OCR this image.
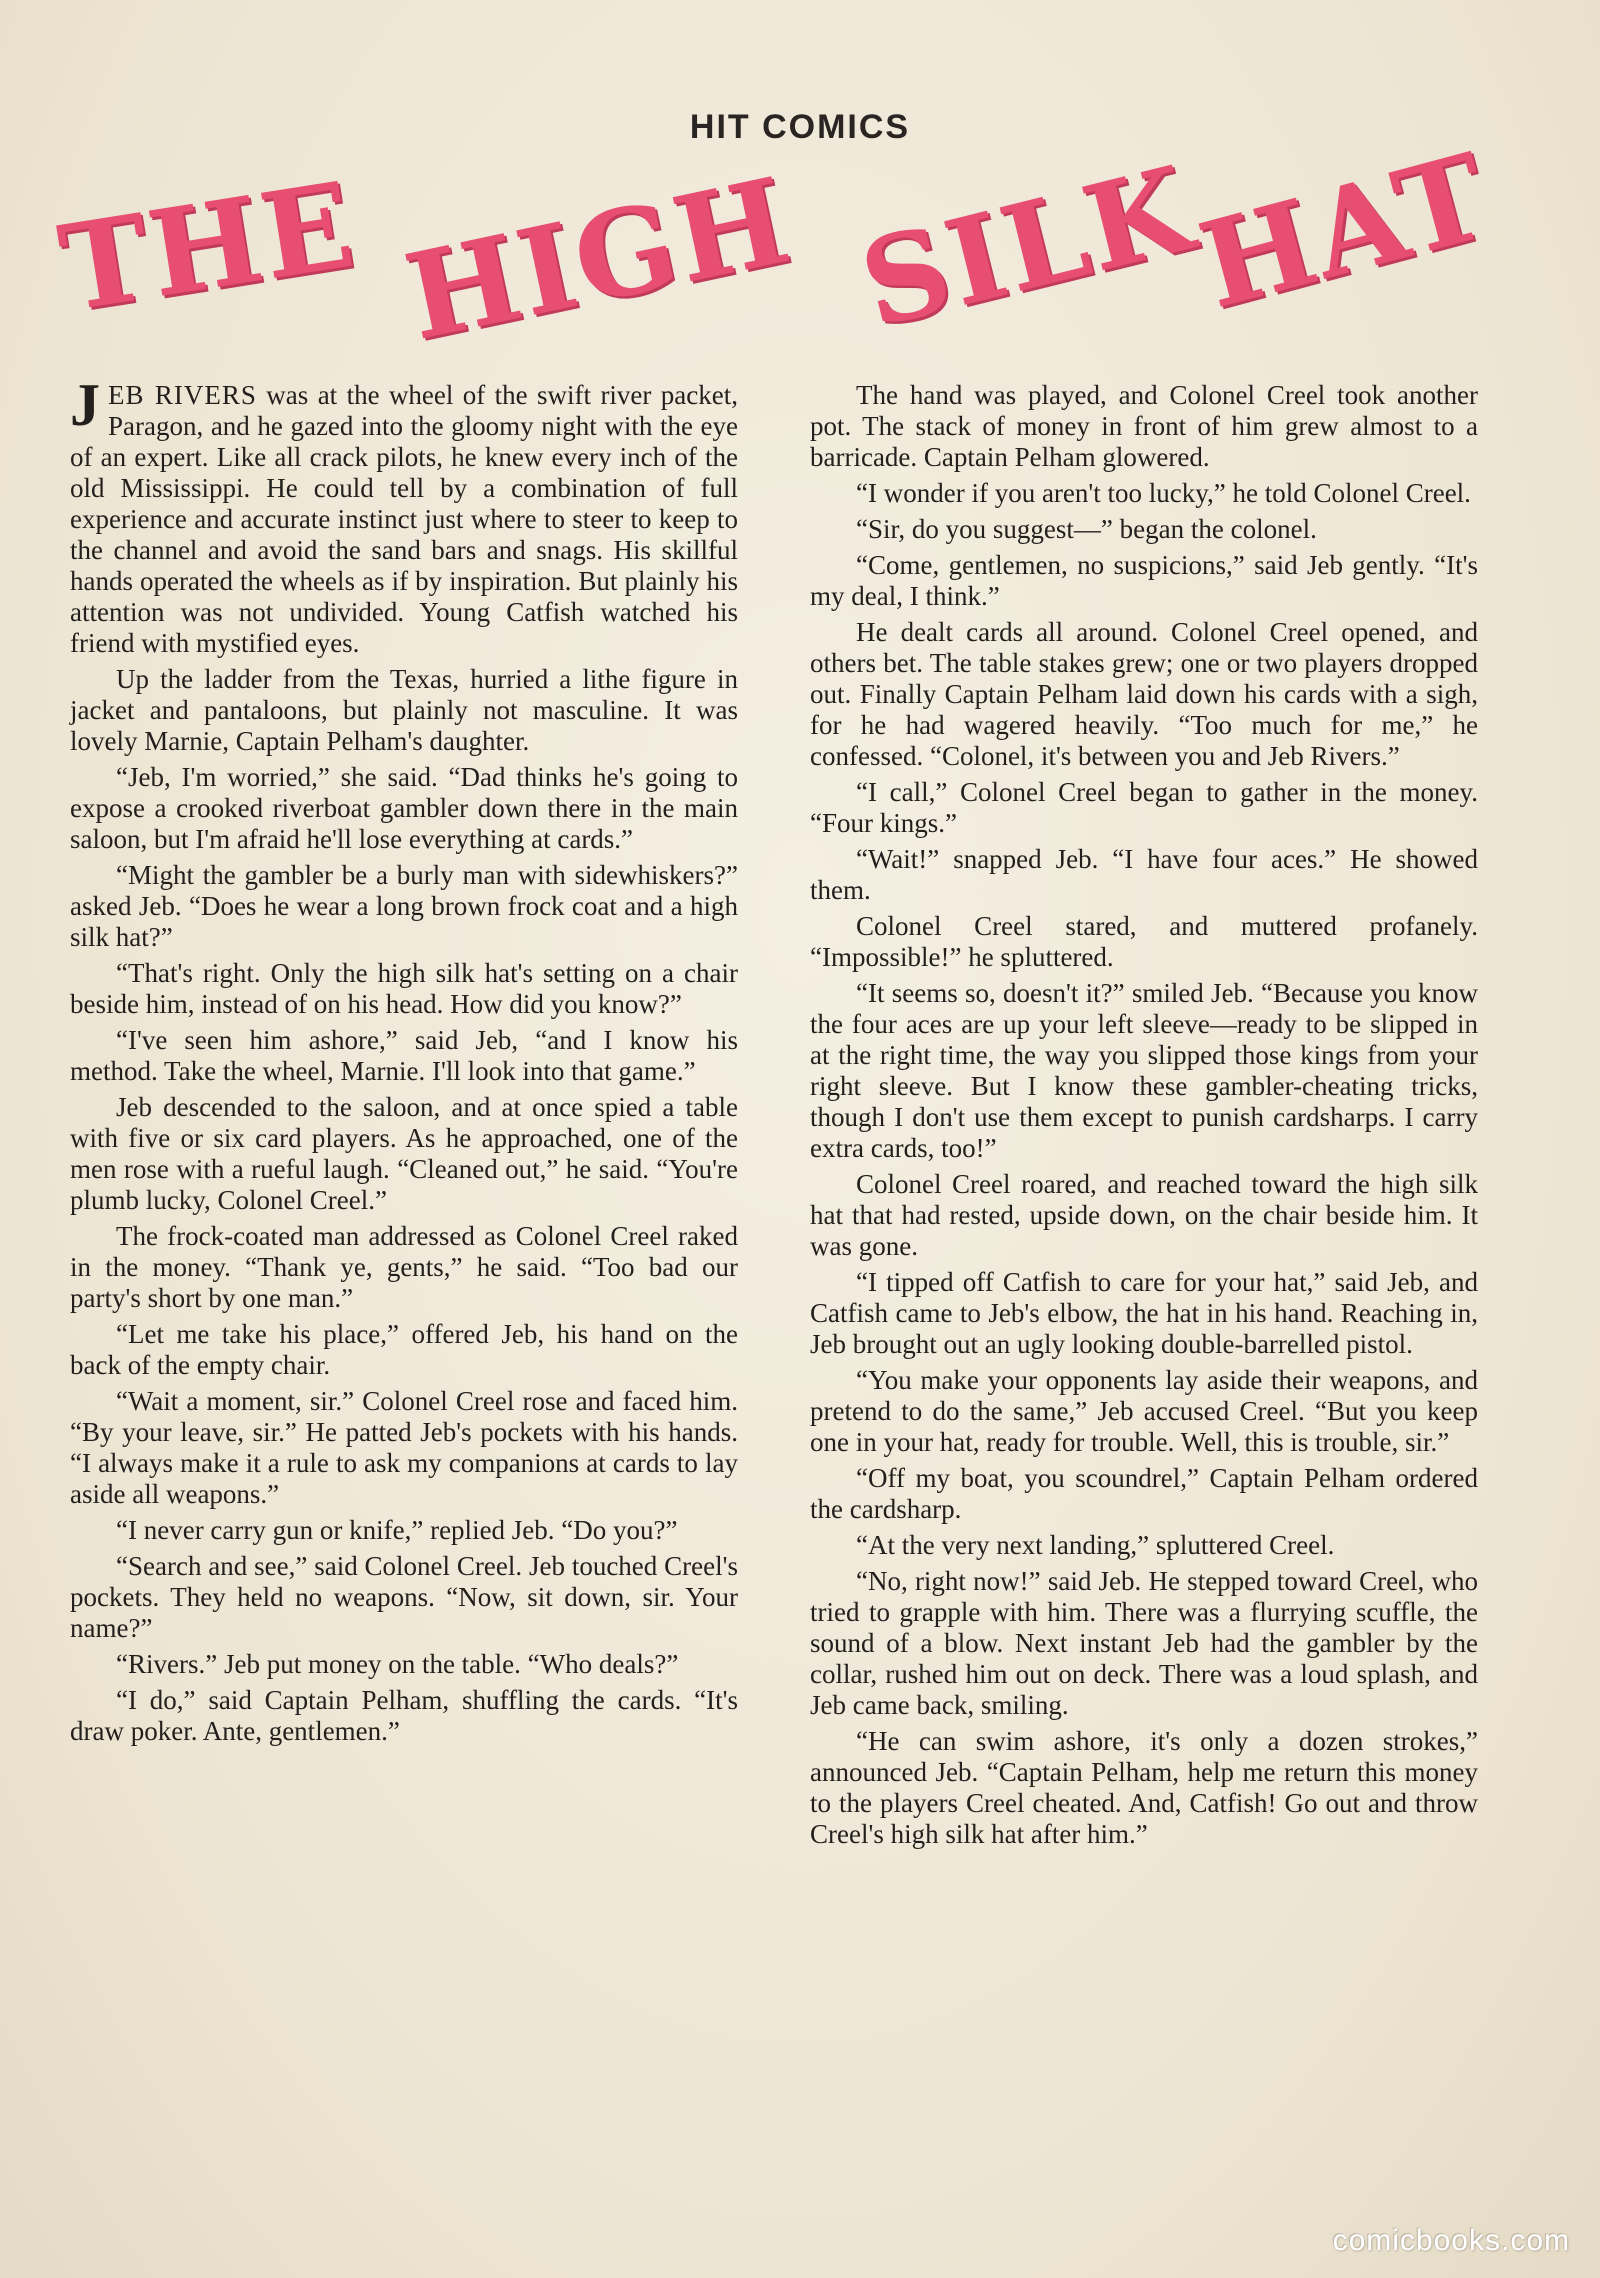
HIT COMICS
THE HIGH SILK
HAT

JEB RIVERS was at the wheel of the swift river packet, Paragon, and he gazed into the gloomy night with the eye of an expert. Like all crack pilots, he knew every inch of the old Mississippi. He could tell by a combination of full experience and accurate instinct just where to steer to keep to the channel and avoid the sand bars and snags. His skillful hands operated the wheels as if by inspiration. But plainly his attention was not undivided. Young Catfish watched his friend with mystified eyes.

Up the ladder from the Texas, hurried a lithe figure in jacket and pantaloons, but plainly not masculine. It was lovely Marnie, Captain Pelham's daughter.

“Jeb, I'm worried,” she said. “Dad thinks he's going to expose a crooked riverboat gambler down there in the main saloon, but I'm afraid he'll lose everything at cards.”

“Might the gambler be a burly man with sidewhiskers?” asked Jeb. “Does he wear a long brown frock coat and a high silk hat?”

“That's right. Only the high silk hat's setting on a chair beside him, instead of on his head. How did you know?”

“I've seen him ashore,” said Jeb, “and I know his method. Take the wheel, Marnie. I'll look into that game.”

Jeb descended to the saloon, and at once spied a table with five or six card players. As he approached, one of the men rose with a rueful laugh. “Cleaned out,” he said. “You're plumb lucky, Colonel Creel.”

The frock-coated man addressed as Colonel Creel raked in the money. “Thank ye, gents,” he said. “Too bad our party's short by one man.”

“Let me take his place,” offered Jeb, his hand on the back of the empty chair.

“Wait a moment, sir.” Colonel Creel rose and faced him. “By your leave, sir.” He patted Jeb's pockets with his hands. “I always make it a rule to ask my companions at cards to lay aside all weapons.”

“I never carry gun or knife,” replied Jeb. “Do you?”

“Search and see,” said Colonel Creel. Jeb touched Creel's pockets. They held no weapons. “Now, sit down, sir. Your name?”

“Rivers.” Jeb put money on the table. “Who deals?”

“I do,” said Captain Pelham, shuffling the cards. “It's draw poker. Ante, gentlemen.”

The hand was played, and Colonel Creel took another pot. The stack of money in front of him grew almost to a barricade. Captain Pelham glowered.

“I wonder if you aren't too lucky,” he told Colonel Creel.

“Sir, do you suggest—” began the colonel.

“Come, gentlemen, no suspicions,” said Jeb gently. “It's my deal, I think.”

He dealt cards all around. Colonel Creel opened, and others bet. The table stakes grew; one or two players dropped out. Finally Captain Pelham laid down his cards with a sigh, for he had wagered heavily. “Too much for me,” he confessed. “Colonel, it's between you and Jeb Rivers.”

“I call,” Colonel Creel began to gather in the money. “Four kings.”

“Wait!” snapped Jeb. “I have four aces.” He showed them.

Colonel Creel stared, and muttered profanely. “Impossible!” he spluttered.

“It seems so, doesn't it?” smiled Jeb. “Because you know the four aces are up your left sleeve—ready to be slipped in at the right time, the way you slipped those kings from your right sleeve. But I know these gambler-cheating tricks, though I don't use them except to punish cardsharps. I carry extra cards, too!”

Colonel Creel roared, and reached toward the high silk hat that had rested, upside down, on the chair beside him. It was gone.

“I tipped off Catfish to care for your hat,” said Jeb, and Catfish came to Jeb's elbow, the hat in his hand. Reaching in, Jeb brought out an ugly looking double-barrelled pistol.

“You make your opponents lay aside their weapons, and pretend to do the same,” Jeb accused Creel. “But you keep one in your hat, ready for trouble. Well, this is trouble, sir.”

“Off my boat, you scoundrel,” Captain Pelham ordered the cardsharp.

“At the very next landing,” spluttered Creel.

“No, right now!” said Jeb. He stepped toward Creel, who tried to grapple with him. There was a flurrying scuffle, the sound of a blow. Next instant Jeb had the gambler by the collar, rushed him out on deck. There was a loud splash, and Jeb came back, smiling.

“He can swim ashore, it's only a dozen strokes,” announced Jeb. “Captain Pelham, help me return this money to the players Creel cheated. And, Catfish! Go out and throw Creel's high silk hat after him.”

comicbooks.com
